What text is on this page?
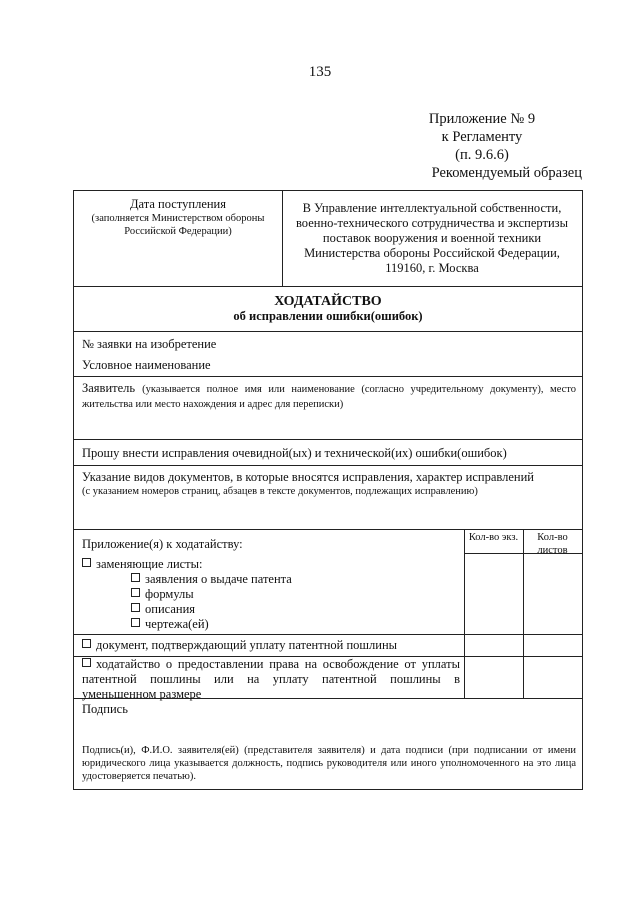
135
Приложение № 9
к Регламенту
(п. 9.6.6)
Рекомендуемый образец
Дата поступления
(заполняется Министерством обороны Российской Федерации)
В Управление интеллектуальной собственности, военно-технического сотрудничества и экспертизы поставок вооружения и военной техники Министерства обороны Российской Федерации, 119160, г. Москва
ХОДАТАЙСТВО
об исправлении ошибки(ошибок)
№ заявки на изобретение
Условное наименование
Заявитель (указывается полное имя или наименование (согласно учредительному документу), место жительства или место нахождения и адрес для переписки)
Прошу внести исправления очевидной(ых) и технической(их) ошибки(ошибок)
Указание видов документов, в которые вносятся исправления, характер исправлений
(с указанием номеров страниц, абзацев в тексте документов, подлежащих исправлению)
Приложение(я) к ходатайству:	Кол-во экз.	Кол-во листов
заменяющие листы:
заявления о выдаче патента
формулы
описания
чертежа(ей)
документ, подтверждающий уплату патентной пошлины
ходатайство о предоставлении права на освобождение от уплаты патентной пошлины или на уплату патентной пошлины в уменьшенном размере
Подпись
Подпись(и), Ф.И.О. заявителя(ей) (представителя заявителя) и дата подписи (при подписании от имени юридического лица указывается должность, подпись руководителя или иного уполномоченного на это лица удостоверяется печатью).
